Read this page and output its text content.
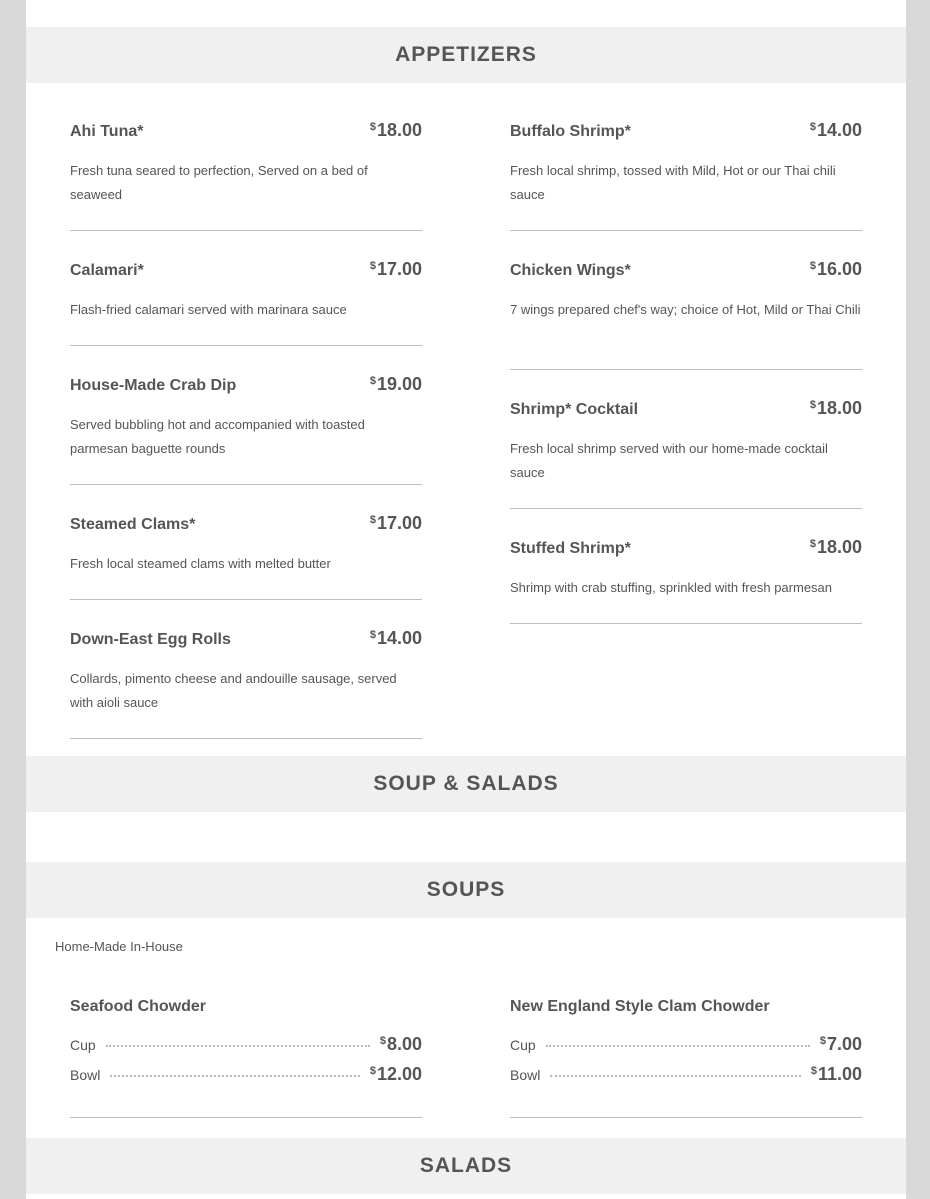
APPETIZERS
Ahi Tuna*	$18.00
Fresh tuna seared to perfection, Served on a bed of seaweed
Calamari*	$17.00
Flash-fried calamari served with marinara sauce
House-Made Crab Dip	$19.00
Served bubbling hot and accompanied with toasted parmesan baguette rounds
Steamed Clams*	$17.00
Fresh local steamed clams with melted butter
Down-East Egg Rolls	$14.00
Collards, pimento cheese and andouille sausage, served with aioli sauce
Buffalo Shrimp*	$14.00
Fresh local shrimp, tossed with Mild, Hot or our Thai chili sauce
Chicken Wings*	$16.00
7 wings prepared chef's way; choice of Hot, Mild or Thai Chili
Shrimp* Cocktail	$18.00
Fresh local shrimp served with our home-made cocktail sauce
Stuffed Shrimp*	$18.00
Shrimp with crab stuffing, sprinkled with fresh parmesan
SOUP & SALADS
SOUPS
Home-Made In-House
Seafood Chowder
Cup	$8.00
Bowl	$12.00
New England Style Clam Chowder
Cup	$7.00
Bowl	$11.00
SALADS
